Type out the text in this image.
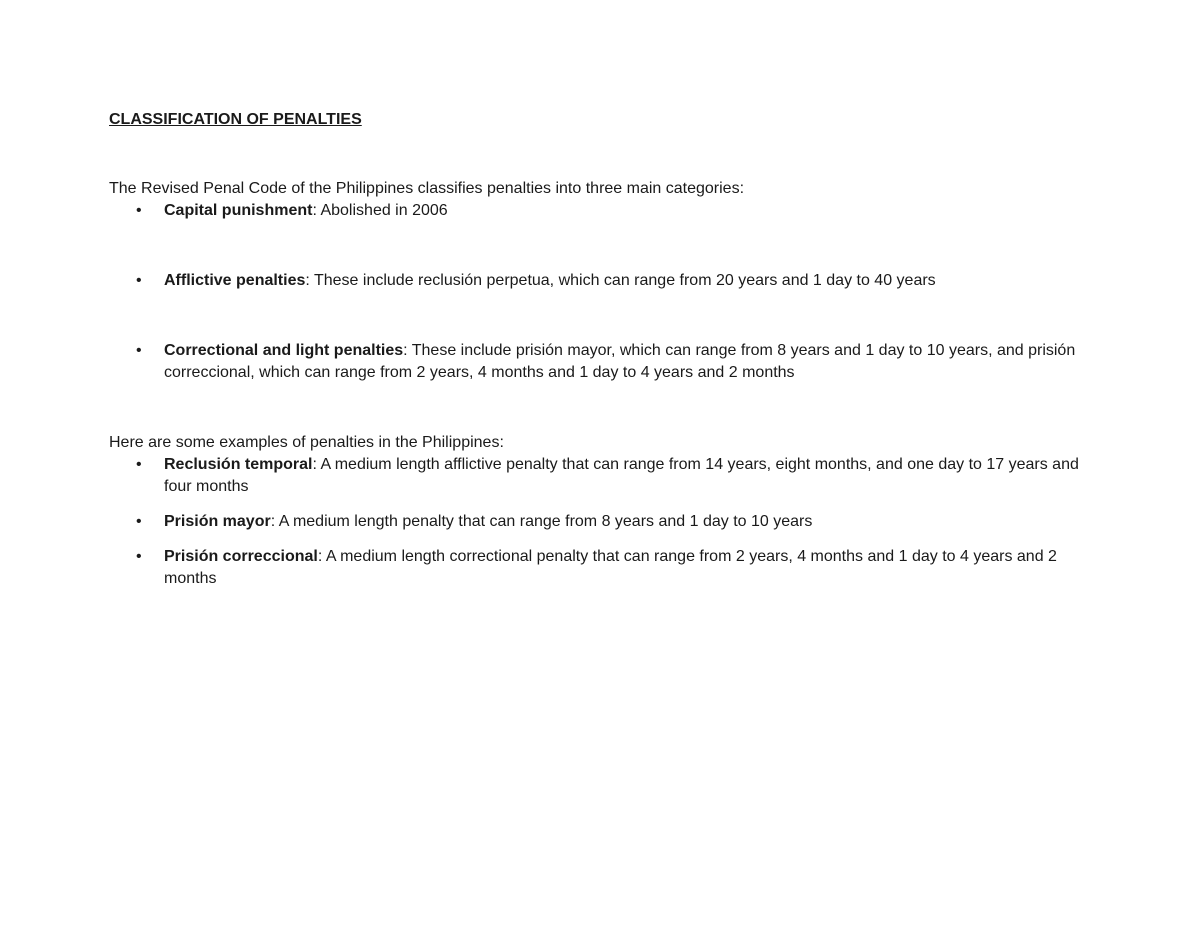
CLASSIFICATION OF PENALTIES

The Revised Penal Code of the Philippines classifies penalties into three main categories:

• Capital punishment: Abolished in 2006
• Afflictive penalties: These include reclusión perpetua, which can range from 20 years and 1 day to 40 years
• Correctional and light penalties: These include prisión mayor, which can range from 8 years and 1 day to 10 years, and prisión correccional, which can range from 2 years, 4 months and 1 day to 4 years and 2 months

Here are some examples of penalties in the Philippines:

• Reclusión temporal: A medium length afflictive penalty that can range from 14 years, eight months, and one day to 17 years and four months
• Prisión mayor: A medium length penalty that can range from 8 years and 1 day to 10 years
• Prisión correccional: A medium length correctional penalty that can range from 2 years, 4 months and 1 day to 4 years and 2 months
